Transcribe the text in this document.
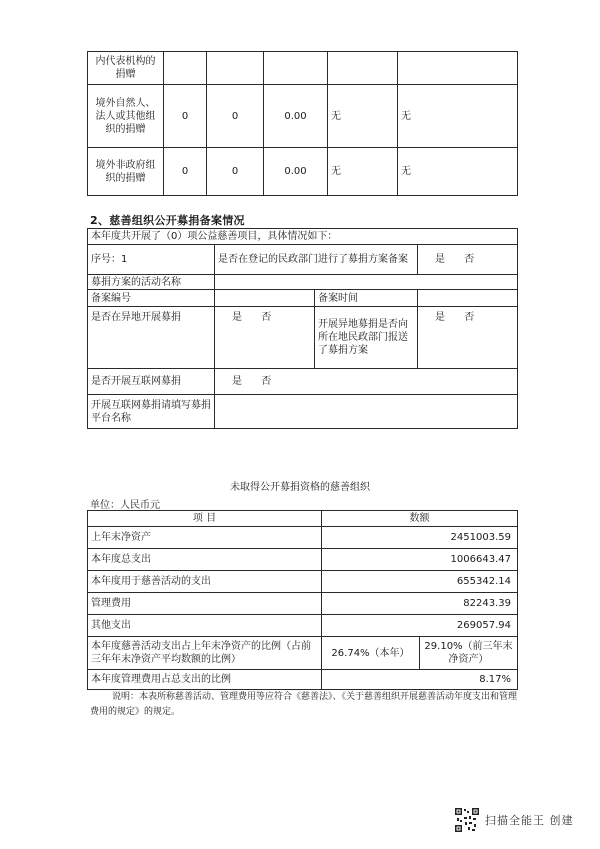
内代表机构的捐赠					
境外自然人、法人或其他组织的捐赠	0	0	0.00	无	无
境外非政府组织的捐赠	0	0	0.00	无	无
2、慈善组织公开募捐备案情况
本年度共开展了（0）项公益慈善项目，具体情况如下：			
序号：1	是否在登记的民政部门进行了募捐方案备案		是 否
募捐方案的活动名称			
备案编号		备案时间	
是否在异地开展募捐	是 否	开展异地募捐是否向所在地民政部门报送了募捐方案	是 否
是否开展互联网募捐	是 否		
开展互联网募捐请填写募捐平台名称			
未取得公开募捐资格的慈善组织
单位：人民币元
项 目	数额	
上年末净资产	2451003.59	
本年度总支出	1006643.47	
本年度用于慈善活动的支出	655342.14	
管理费用	82243.39	
其他支出	269057.94	
本年度慈善活动支出占上年末净资产的比例（占前三年年末净资产平均数额的比例）	26.74%（本年）	29.10%（前三年末净资产）
本年度管理费用占总支出的比例	8.17%	
说明：本表所称慈善活动、管理费用等应符合《慈善法》、《关于慈善组织开展慈善活动年度支出和管理费用的规定》的规定。
扫描全能王 创建
